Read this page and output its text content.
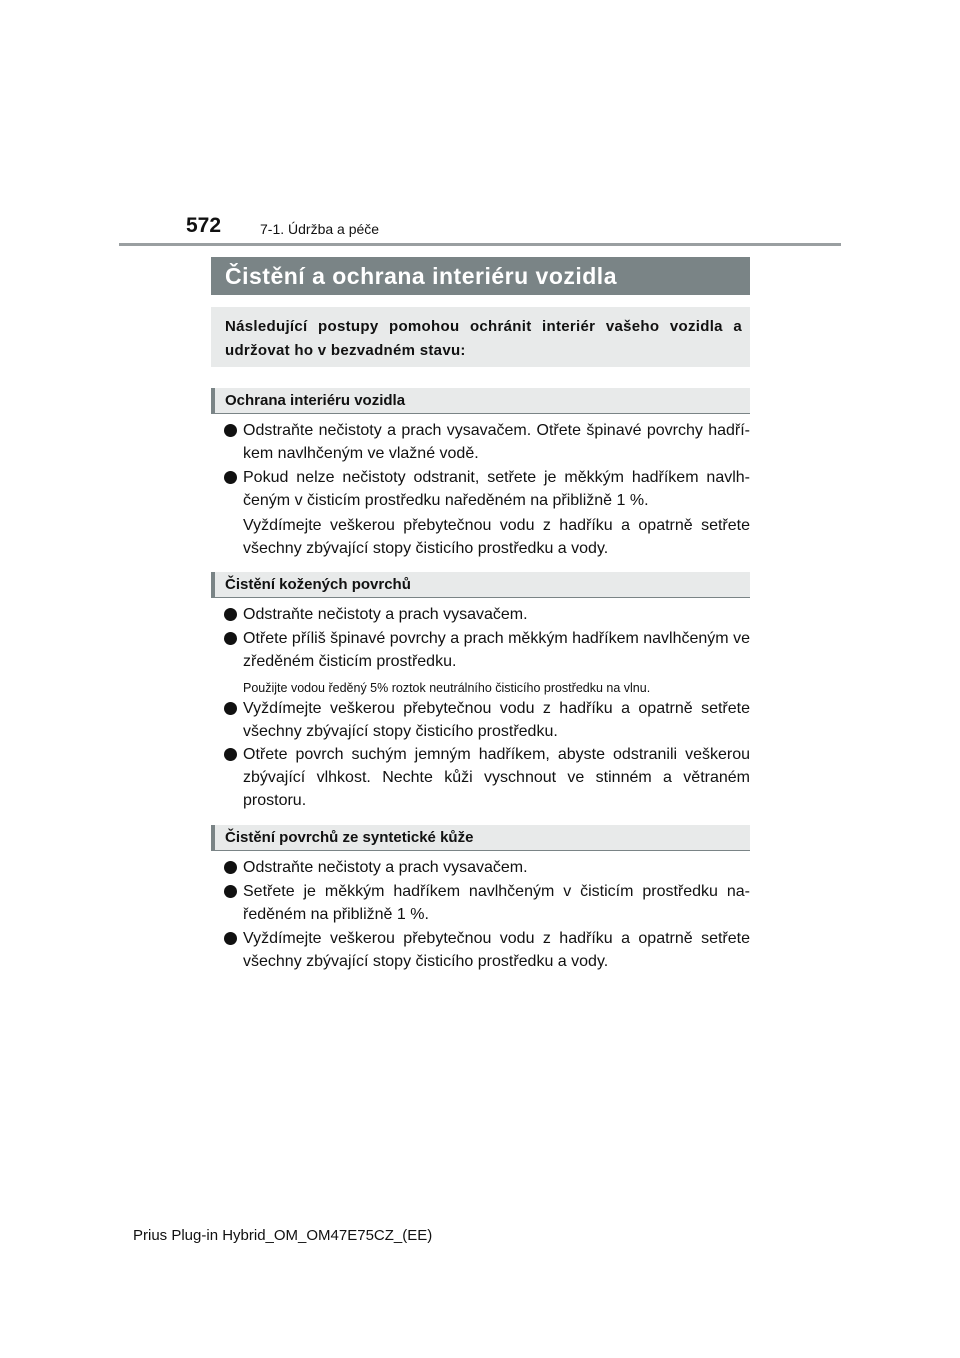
572	7-1. Údržba a péče
Čistění a ochrana interiéru vozidla
Následující postupy pomohou ochránit interiér vašeho vozidla a udržovat ho v bezvadném stavu:
Ochrana interiéru vozidla
Odstraňte nečistoty a prach vysavačem. Otřete špinavé povrchy hadříkem navlhčeným ve vlažné vodě.
Pokud nelze nečistoty odstranit, setřete je měkkým hadříkem navlhčeným v čisticím prostředku naředěném na přibližně 1 %.
Vyždímejte veškerou přebytečnou vodu z hadříku a opatrně setřete všechny zbývající stopy čisticího prostředku a vody.
Čistění kožených povrchů
Odstraňte nečistoty a prach vysavačem.
Otřete příliš špinavé povrchy a prach měkkým hadříkem navlhčeným ve zředěném čisticím prostředku.
Použijte vodou ředěný 5% roztok neutrálního čisticího prostředku na vlnu.
Vyždímejte veškerou přebytečnou vodu z hadříku a opatrně setřete všechny zbývající stopy čisticího prostředku.
Otřete povrch suchým jemným hadříkem, abyste odstranili veškerou zbývající vlhkost. Nechte kůži vyschnout ve stinném a větraném prostoru.
Čistění povrchů ze syntetické kůže
Odstraňte nečistoty a prach vysavačem.
Setřete je měkkým hadříkem navlhčeným v čisticím prostředku naředěném na přibližně 1 %.
Vyždímejte veškerou přebytečnou vodu z hadříku a opatrně setřete všechny zbývající stopy čisticího prostředku a vody.
Prius Plug-in Hybrid_OM_OM47E75CZ_(EE)
